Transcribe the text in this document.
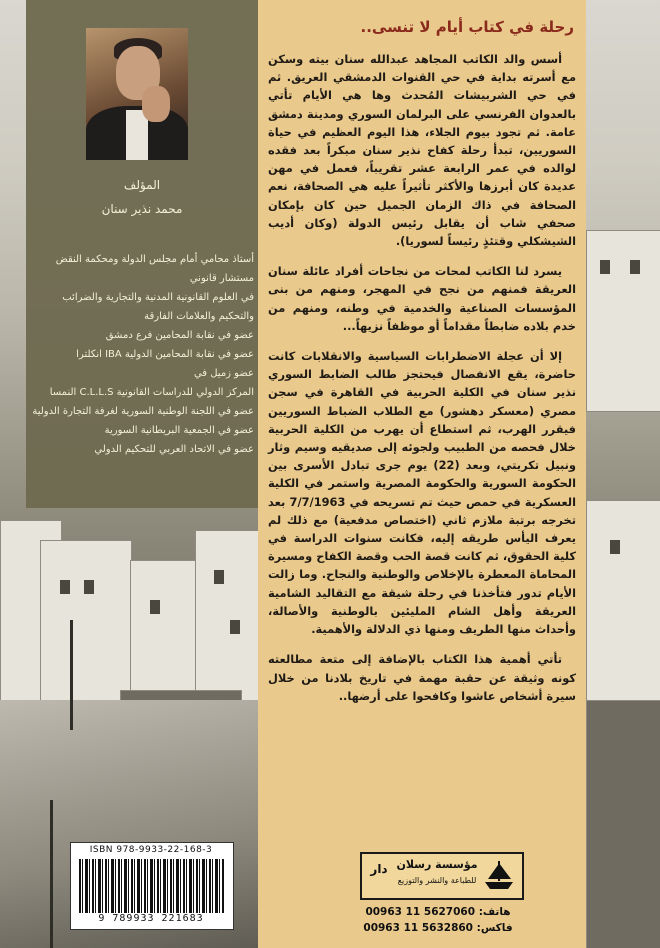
المؤلف
محمد نذير سنان
أستاذ محامي أمام مجلس الدولة ومحكمة النقض
مستشار قانوني
في العلوم القانونية المدنية والتجارية والضرائب
والتحكيم والعلامات الفارقة
عضو في نقابة المحامين فرع دمشق
عضو في نقابة المحامين الدولية IBA انكلترا
عضو زميل في
المركز الدولي للدراسات القانونية C.L.L.S النمسا
عضو في اللجنة الوطنية السورية لغرفة التجارة الدولية
عضو في الجمعية البريطانية السورية
عضو في الاتحاد العربي للتحكيم الدولي
رحلة في كتاب أيام لا تنسى..

أسس والد الكاتب المجاهد عبدالله سنان بيته وسكن مع أسرته بداية في حي القنوات الدمشقي العريق. ثم في حي الشربيشات المُحدث وها هي الأيام تأتي بالعدوان الفرنسي على البرلمان السوري ومدينة دمشق عامة. ثم تجود بيوم الجلاء، هذا اليوم العظيم في حياة السوريين، تبدأ رحلة كفاح نذير سنان مبكراً بعد فقده لوالده في عمر الرابعة عشر تقريباً، فعمل في مهن عديدة كان أبرزها والأكثر تأثيراً عليه هي الصحافة، نعم الصحافة في ذاك الزمان الجميل حين كان بإمكان صحفي شاب أن يقابل رئيس الدولة (وكان أديب الشيشكلي وقتئذٍ رئيساً لسوريا).

يسرد لنا الكاتب لمحات من نجاحات أفراد عائلة سنان العريقة فمنهم من نجح في المهجر، ومنهم من بنى المؤسسات الصناعية والخدمية في وطنه، ومنهم من خدم بلاده ضابطاً مقداماً أو موظفاً نزيهاً...

إلا أن عجلة الاضطرابات السياسية والانقلابات كانت حاضرة، يقع الانفصال فيحتجز طالب الضابط السوري نذير سنان في الكلية الحربية في القاهرة في سجن مصري (معسكر دهشور) مع الطلاب الضباط السوريين فيقرر الهرب، ثم استطاع أن يهرب من الكلية الحربية خلال فحصه من الطبيب ولجوئه إلى صديقيه وسيم وثار ونبيل تكريتي، وبعد (22) يوم جرى تبادل الأسرى بين الحكومة السورية والحكومة المصرية واستمر في الكلية العسكرية في حمص حيث تم تسريحه في 7/7/1963 بعد تخرجه برتبة ملازم ثاني (اختصاص مدفعية) مع ذلك لم يعرف اليأس طريقه إليه، فكانت سنوات الدراسة في كلية الحقوق، ثم كانت قصة الحب وقصة الكفاح ومسيرة المحاماة المعطرة بالإخلاص والوطنية والنجاح. وما زالت الأيام تدور فتأخذنا في رحلة شيقة مع التقاليد الشامية العريقة وأهل الشام المليئين بالوطنية والأصالة، وأحداث منها الطريف ومنها ذي الدلالة والأهمية.

تأتي أهمية هذا الكتاب بالإضافة إلى متعة مطالعته كونه وثيقة عن حقبة مهمة في تاريخ بلادنا من خلال سيرة أشخاص عاشوا وكافحوا على أرضها..

ISBN 978-9933-22-168-3
9 789933 221683
مؤسسة رسلان
للطباعة والنشر والتوزيع
دار
هاتف: 00963 11 5627060
فاكس: 00963 11 5632860
